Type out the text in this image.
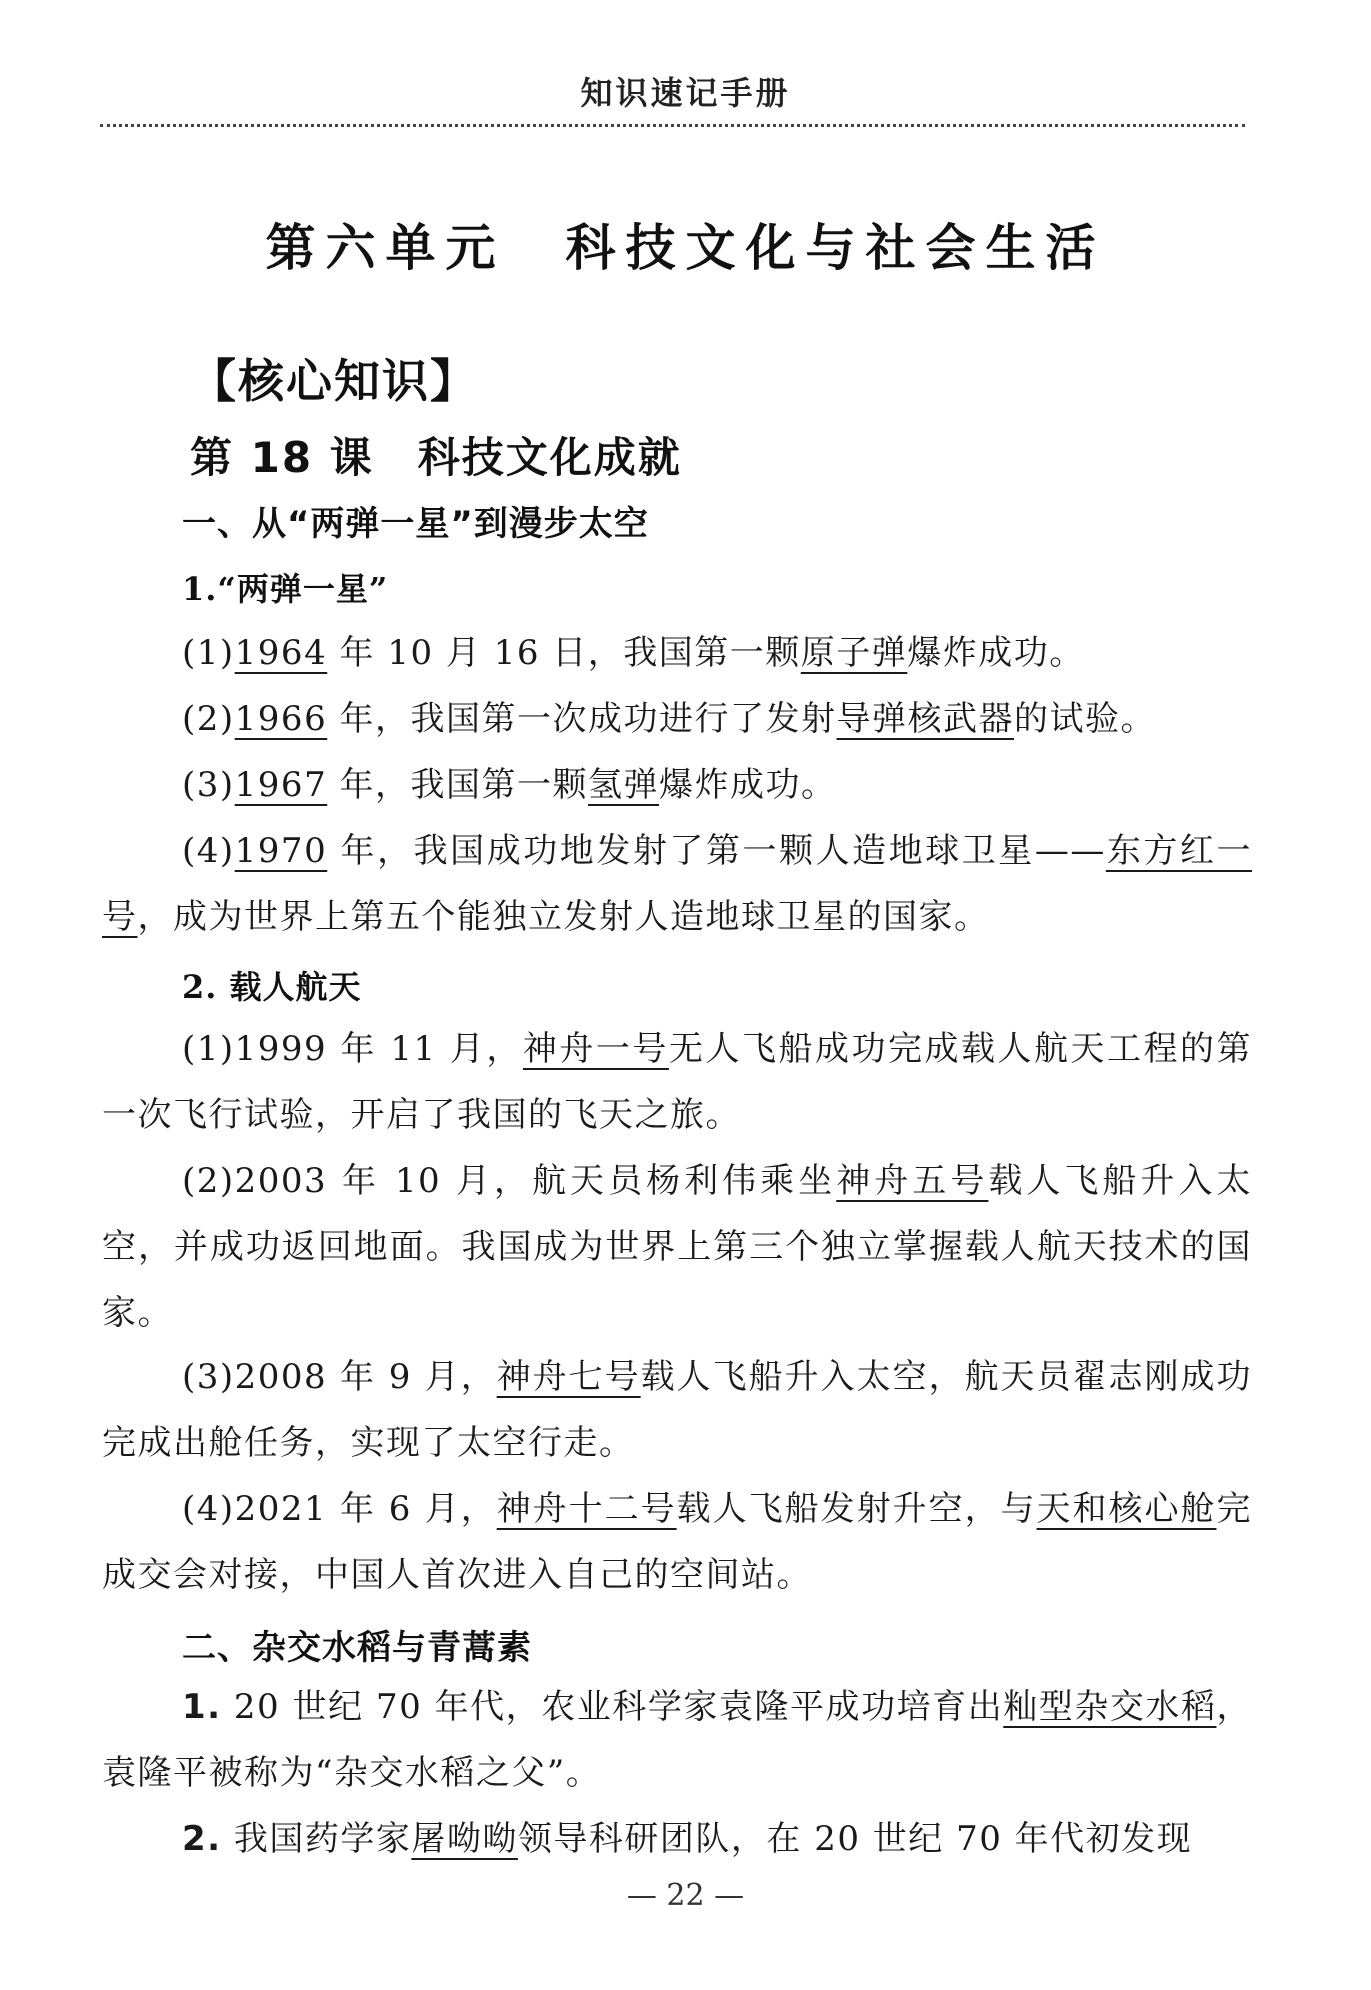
知识速记手册
第六单元　科技文化与社会生活
【核心知识】
第 18 课　科技文化成就
一、从“两弹一星”到漫步太空
1.“两弹一星”
(1)1964 年 10 月 16 日，我国第一颗原子弹爆炸成功。
(2)1966 年，我国第一次成功进行了发射导弹核武器的试验。
(3)1967 年，我国第一颗氢弹爆炸成功。
(4)1970 年，我国成功地发射了第一颗人造地球卫星——东方红一号，成为世界上第五个能独立发射人造地球卫星的国家。
2. 载人航天
(1)1999 年 11 月，神舟一号无人飞船成功完成载人航天工程的第一次飞行试验，开启了我国的飞天之旅。
(2)2003 年 10 月，航天员杨利伟乘坐神舟五号载人飞船升入太空，并成功返回地面。我国成为世界上第三个独立掌握载人航天技术的国家。
(3)2008 年 9 月，神舟七号载人飞船升入太空，航天员翟志刚成功完成出舱任务，实现了太空行走。
(4)2021 年 6 月，神舟十二号载人飞船发射升空，与天和核心舱完成交会对接，中国人首次进入自己的空间站。
二、杂交水稻与青蒿素
1. 20 世纪 70 年代，农业科学家袁隆平成功培育出籼型杂交水稻，袁隆平被称为“杂交水稻之父”。
2. 我国药学家屠呦呦领导科研团队，在 20 世纪 70 年代初发现
— 22 —
